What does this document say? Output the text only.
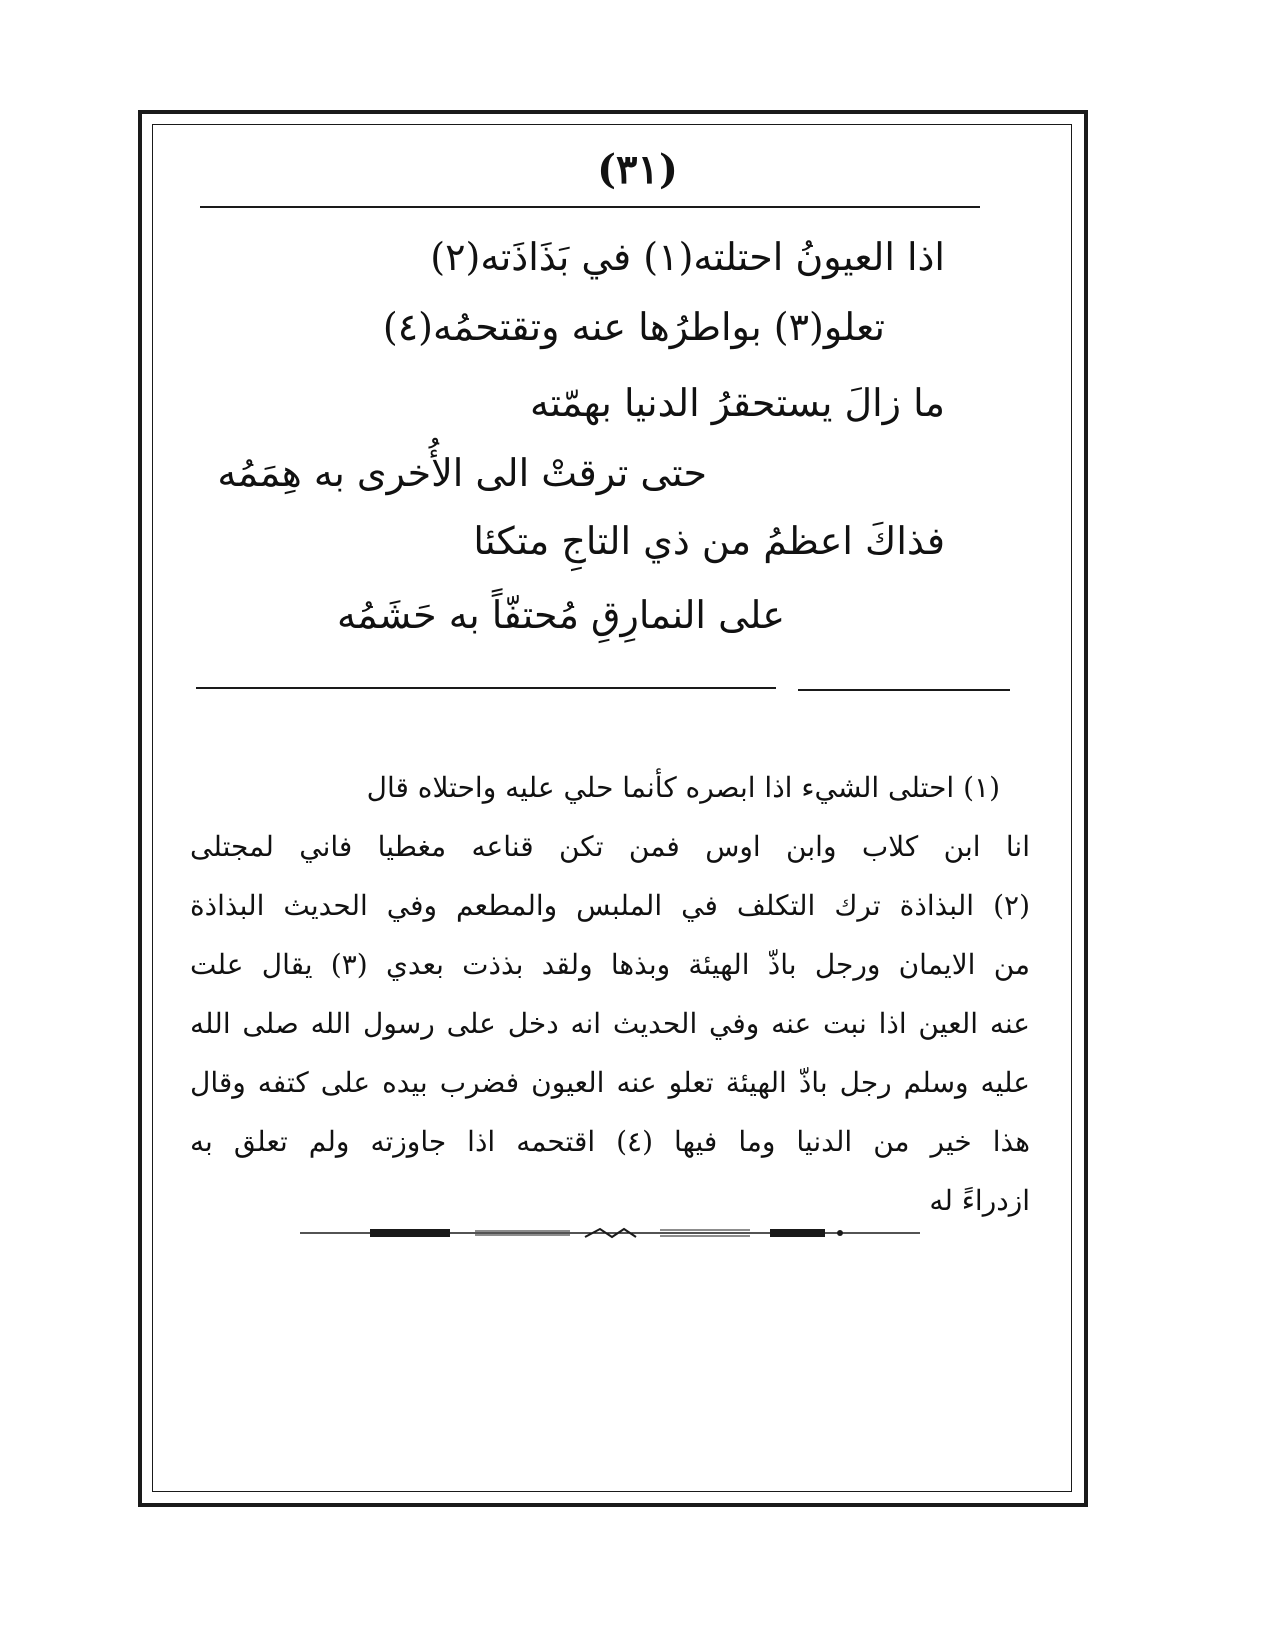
(٣١)
اذا العيونُ احتلته(١) في بَذَاذَته(٢)
تعلو(٣) بواطرُها عنه وتقتحمُه(٤)
ما زالَ يستحقرُ الدنيا بهمّته
حتى ترقتْ الى الأُخرى به هِمَمُه
فذاكَ اعظمُ من ذي التاجِ متكئا
على النمارِقِ مُحتفّاً به حَشَمُه
(١) احتلى الشيء اذا ابصره كأنما حلي عليه واحتلاه قال
انا ابن كلاب وابن اوس فمن تكن قناعه مغطيا فاني لمجتلى
(٢) البذاذة ترك التكلف في الملبس والمطعم وفي الحديث البذاذة
من الايمان ورجل باذّ الهيئة وبذها ولقد بذذت بعدي (٣) يقال علت
عنه العين اذا نبت عنه وفي الحديث انه دخل على رسول الله صلى الله
عليه وسلم رجل باذّ الهيئة تعلو عنه العيون فضرب بيده على كتفه وقال
هذا خير من الدنيا وما فيها (٤) اقتحمه اذا جاوزته ولم تعلق به
ازدراءً له
